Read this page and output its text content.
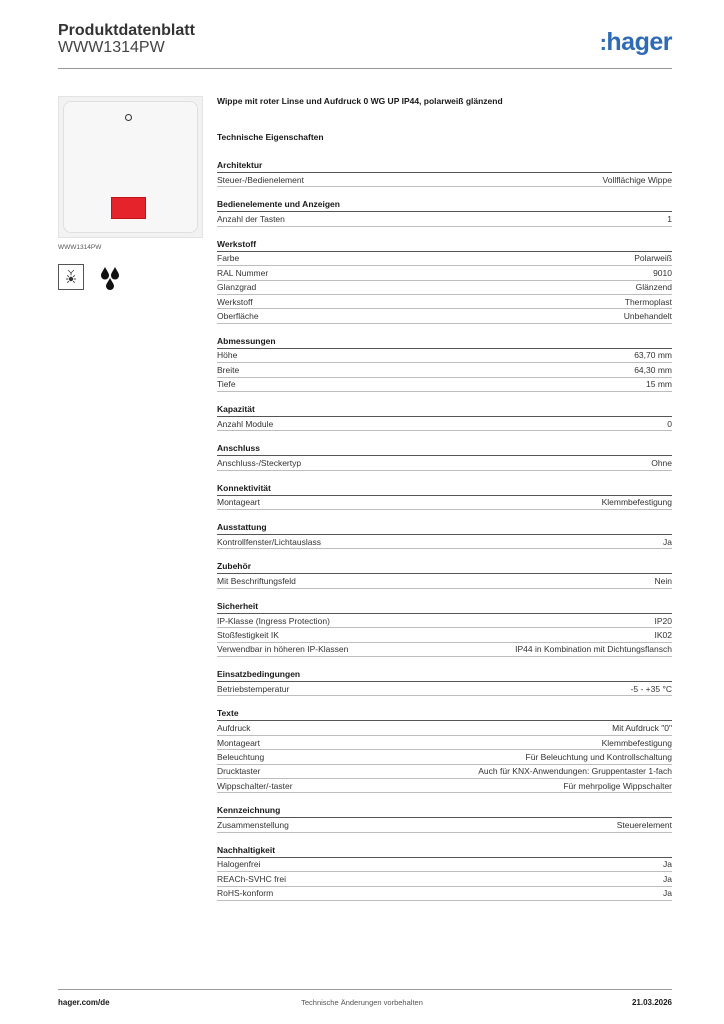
Produktdatenblatt
WWW1314PW	:hager
WWW1314PW
Wippe mit roter Linse und Aufdruck 0 WG UP IP44, polarweiß glänzend
Technische Eigenschaften
Architektur
Steuer-/Bedienelement	Vollflächige Wippe
Bedienelemente und Anzeigen
Anzahl der Tasten	1
Werkstoff
Farbe	Polarweiß
RAL Nummer	9010
Glanzgrad	Glänzend
Werkstoff	Thermoplast
Oberfläche	Unbehandelt
Abmessungen
Höhe	63,70 mm
Breite	64,30 mm
Tiefe	15 mm
Kapazität
Anzahl Module	0
Anschluss
Anschluss-/Steckertyp	Ohne
Konnektivität
Montageart	Klemmbefestigung
Ausstattung
Kontrollfenster/Lichtauslass	Ja
Zubehör
Mit Beschriftungsfeld	Nein
Sicherheit
IP-Klasse (Ingress Protection)	IP20
Stoßfestigkeit IK	IK02
Verwendbar in höheren IP-Klassen	IP44 in Kombination mit Dichtungsflansch
Einsatzbedingungen
Betriebstemperatur	-5 - +35 °C
Texte
Aufdruck	Mit Aufdruck "0"
Montageart	Klemmbefestigung
Beleuchtung	Für Beleuchtung und Kontrollschaltung
Drucktaster	Auch für KNX-Anwendungen: Gruppentaster 1-fach
Wippschalter/-taster	Für mehrpolige Wippschalter
Kennzeichnung
Zusammenstellung	Steuerelement
Nachhaltigkeit
Halogenfrei	Ja
REACh-SVHC frei	Ja
RoHS-konform	Ja
hager.com/de	Technische Änderungen vorbehalten	21.03.2026
